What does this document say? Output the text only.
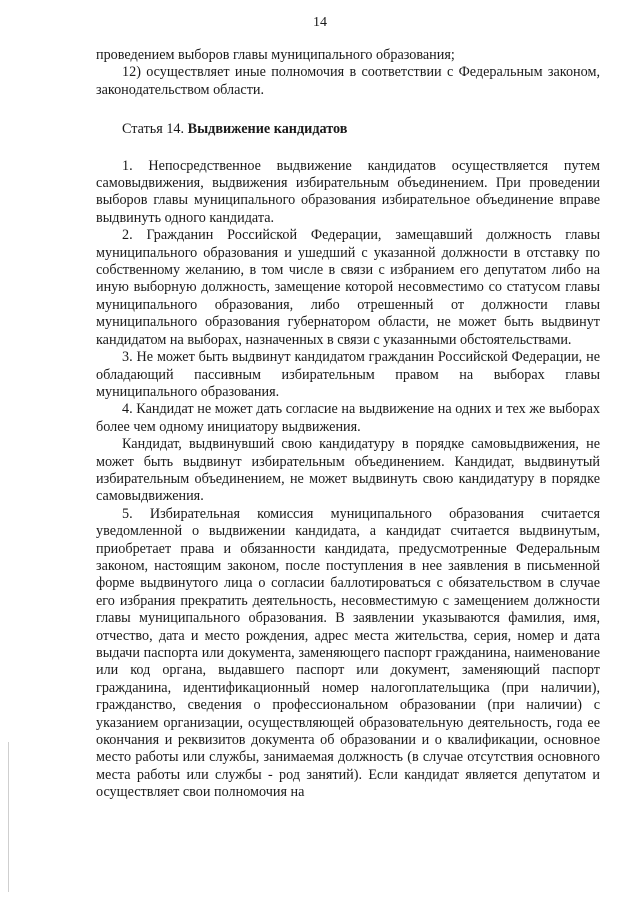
14

проведением выборов главы муниципального образования;

12) осуществляет иные полномочия в соответствии с Федеральным законом, законодательством области.

Статья 14. Выдвижение кандидатов

1. Непосредственное выдвижение кандидатов осуществляется путем самовыдвижения, выдвижения избирательным объединением. При проведении выборов главы муниципального образования избирательное объединение вправе выдвинуть одного кандидата.

2. Гражданин Российской Федерации, замещавший должность главы муниципального образования и ушедший с указанной должности в отставку по собственному желанию, в том числе в связи с избранием его депутатом либо на иную выборную должность, замещение которой несовместимо со статусом главы муниципального образования, либо отрешенный от должности главы муниципального образования губернатором области, не может быть выдвинут кандидатом на выборах, назначенных в связи с указанными обстоятельствами.

3. Не может быть выдвинут кандидатом гражданин Российской Федерации, не обладающий пассивным избирательным правом на выборах главы муниципального образования.

4. Кандидат не может дать согласие на выдвижение на одних и тех же выборах более чем одному инициатору выдвижения.

Кандидат, выдвинувший свою кандидатуру в порядке самовыдвижения, не может быть выдвинут избирательным объединением. Кандидат, выдвинутый избирательным объединением, не может выдвинуть свою кандидатуру в порядке самовыдвижения.

5. Избирательная комиссия муниципального образования считается уведомленной о выдвижении кандидата, а кандидат считается выдвинутым, приобретает права и обязанности кандидата, предусмотренные Федеральным законом, настоящим законом, после поступления в нее заявления в письменной форме выдвинутого лица о согласии баллотироваться с обязательством в случае его избрания прекратить деятельность, несовместимую с замещением должности главы муниципального образования. В заявлении указываются фамилия, имя, отчество, дата и место рождения, адрес места жительства, серия, номер и дата выдачи паспорта или документа, заменяющего паспорт гражданина, наименование или код органа, выдавшего паспорт или документ, заменяющий паспорт гражданина, идентификационный номер налогоплательщика (при наличии), гражданство, сведения о профессиональном образовании (при наличии) с указанием организации, осуществляющей образовательную деятельность, года ее окончания и реквизитов документа об образовании и о квалификации, основное место работы или службы, занимаемая должность (в случае отсутствия основного места работы или службы - род занятий). Если кандидат является депутатом и осуществляет свои полномочия на
